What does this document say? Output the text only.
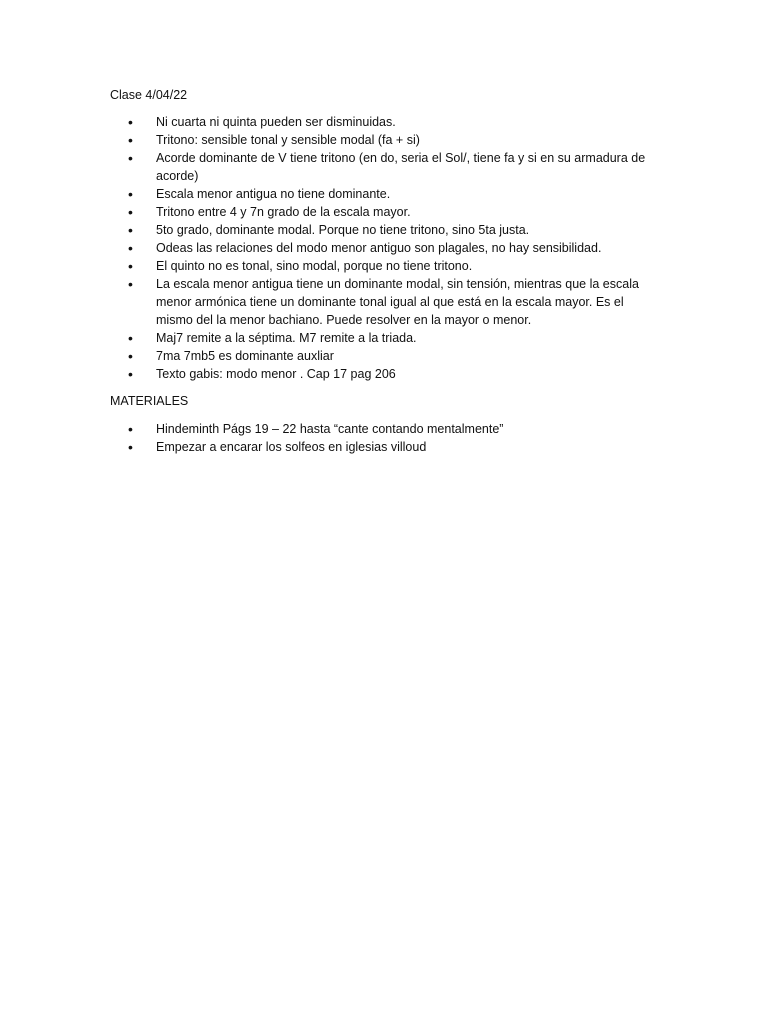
Clase 4/04/22

• Ni cuarta ni quinta pueden ser disminuidas.
• Tritono: sensible tonal y sensible modal (fa + si)
• Acorde dominante de V tiene tritono (en do, seria el Sol/, tiene fa y si en su armadura de acorde)
• Escala menor antigua no tiene dominante.
• Tritono entre 4 y 7n grado de la escala mayor.
• 5to grado, dominante modal. Porque no tiene tritono, sino 5ta justa.
• Odeas las relaciones del modo menor antiguo son plagales, no hay sensibilidad.
• El quinto no es tonal, sino modal, porque no tiene tritono.
• La escala menor antigua tiene un dominante modal, sin tensión, mientras que la escala menor armónica tiene un dominante tonal igual al que está en la escala mayor. Es el mismo del la menor bachiano. Puede resolver en la mayor o menor.
• Maj7 remite a la séptima. M7 remite a la triada.
• 7ma 7mb5 es dominante auxliar
• Texto gabis: modo menor . Cap 17 pag 206

MATERIALES

• Hindeminth Págs 19 – 22 hasta “cante contando mentalmente”
• Empezar a encarar los solfeos en iglesias villoud
